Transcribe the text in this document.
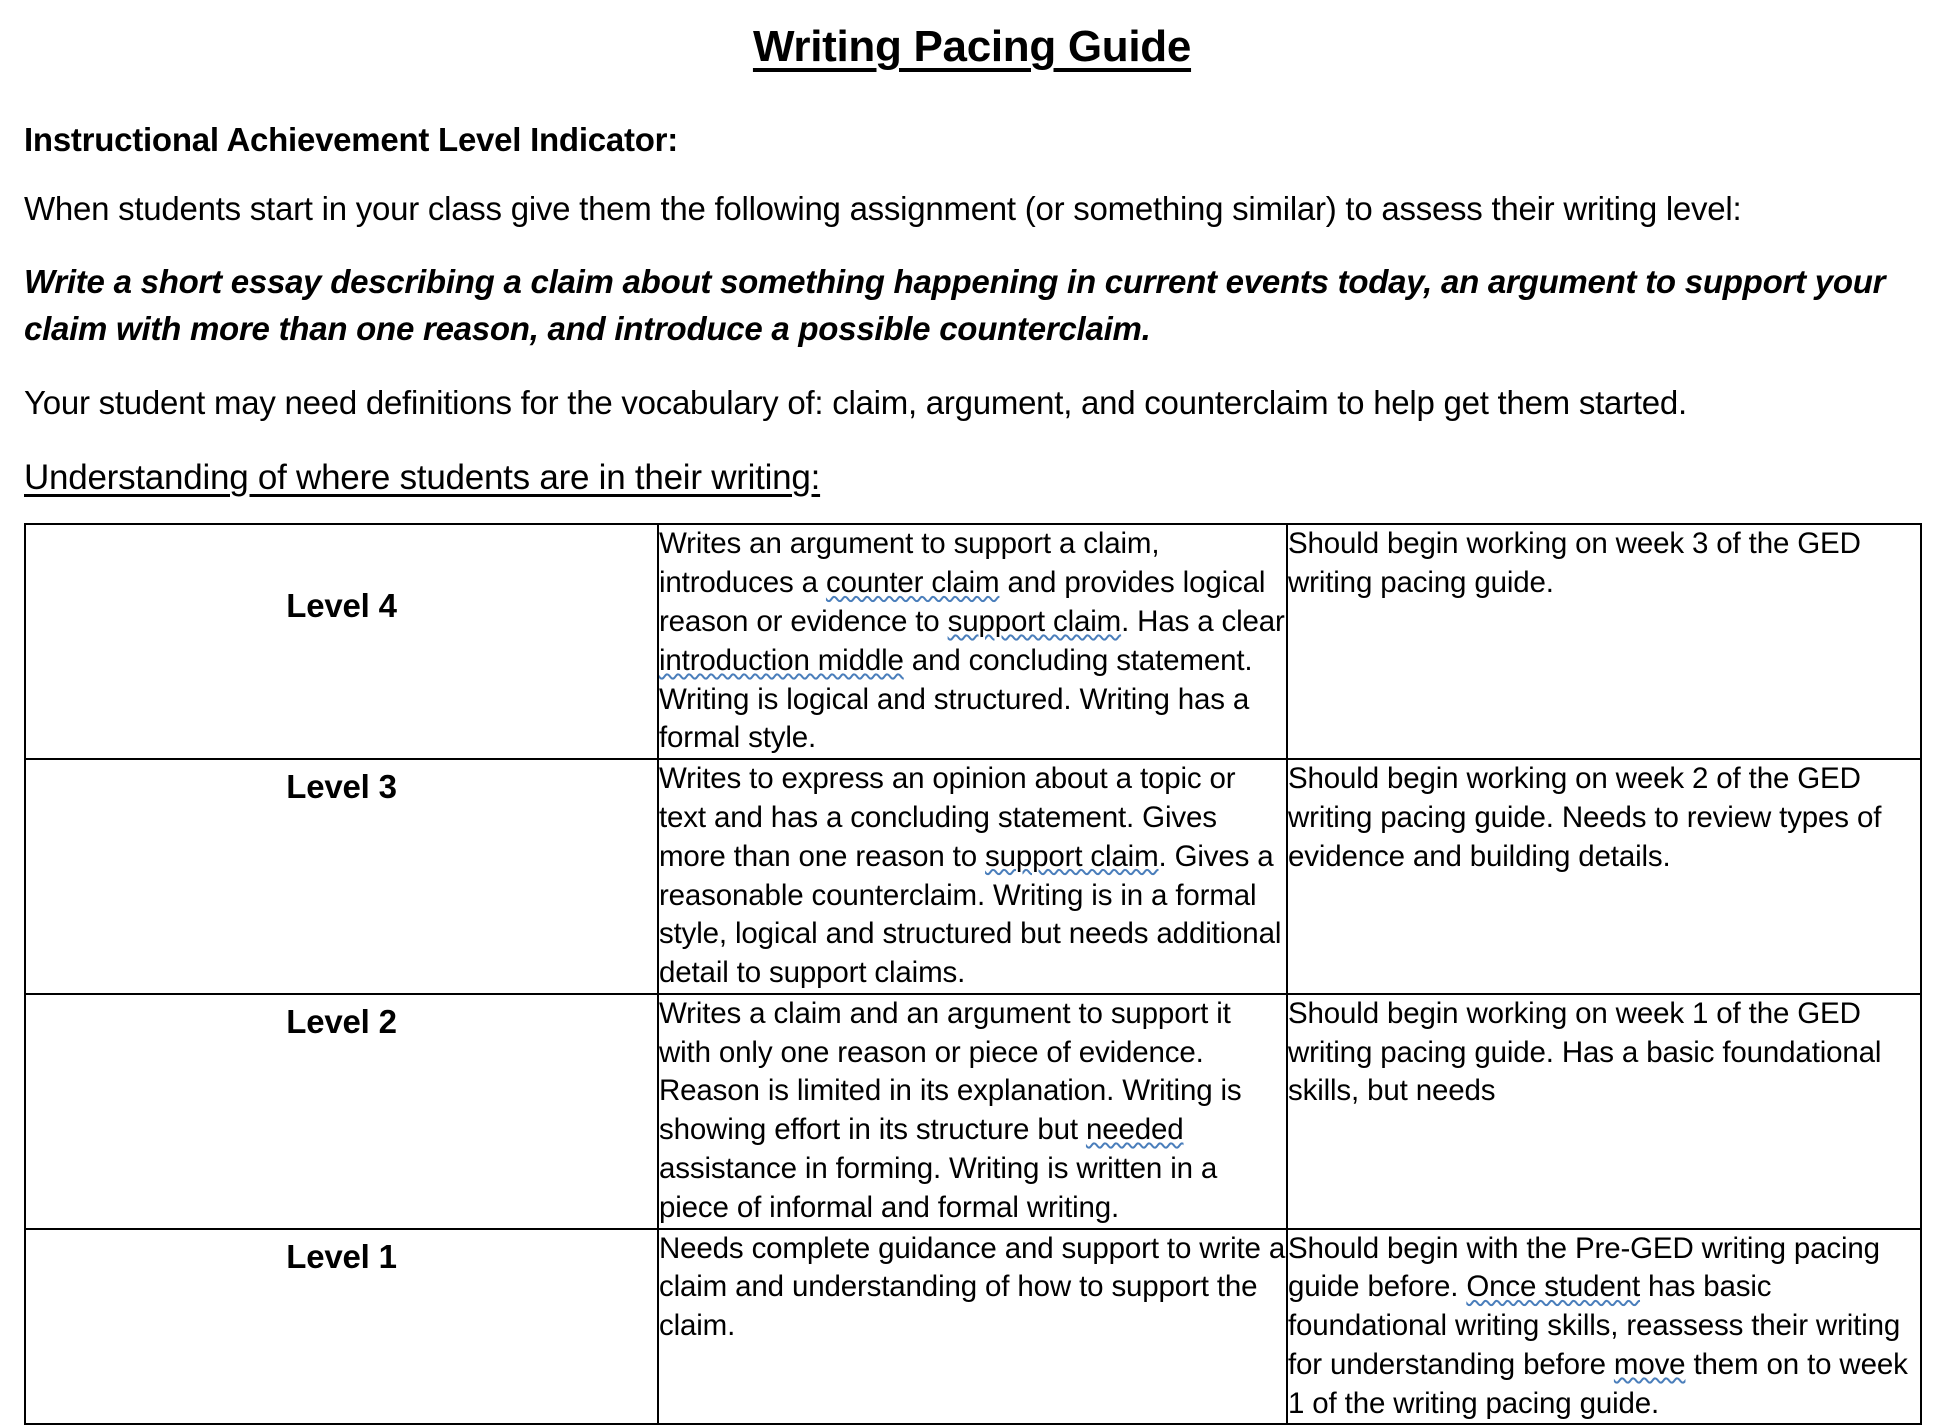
Writing Pacing Guide

Instructional Achievement Level Indicator:

When students start in your class give them the following assignment (or something similar) to assess their writing level:

Write a short essay describing a claim about something happening in current events today, an argument to support your claim with more than one reason, and introduce a possible counterclaim.

Your student may need definitions for the vocabulary of: claim, argument, and counterclaim to help get them started.

Understanding of where students are in their writing:

Level 4	Writes an argument to support a claim, introduces a counter claim and provides logical reason or evidence to support claim. Has a clear introduction middle and concluding statement. Writing is logical and structured. Writing has a formal style.	Should begin working on week 3 of the GED writing pacing guide.
Level 3	Writes to express an opinion about a topic or text and has a concluding statement. Gives more than one reason to support claim. Gives a reasonable counterclaim. Writing is in a formal style, logical and structured but needs additional detail to support claims.	Should begin working on week 2 of the GED writing pacing guide. Needs to review types of evidence and building details.
Level 2	Writes a claim and an argument to support it with only one reason or piece of evidence. Reason is limited in its explanation. Writing is showing effort in its structure but needed assistance in forming. Writing is written in a piece of informal and formal writing.	Should begin working on week 1 of the GED writing pacing guide. Has a basic foundational skills, but needs
Level 1	Needs complete guidance and support to write a claim and understanding of how to support the claim.	Should begin with the Pre-GED writing pacing guide before. Once student has basic foundational writing skills, reassess their writing for understanding before move them on to week 1 of the writing pacing guide.
